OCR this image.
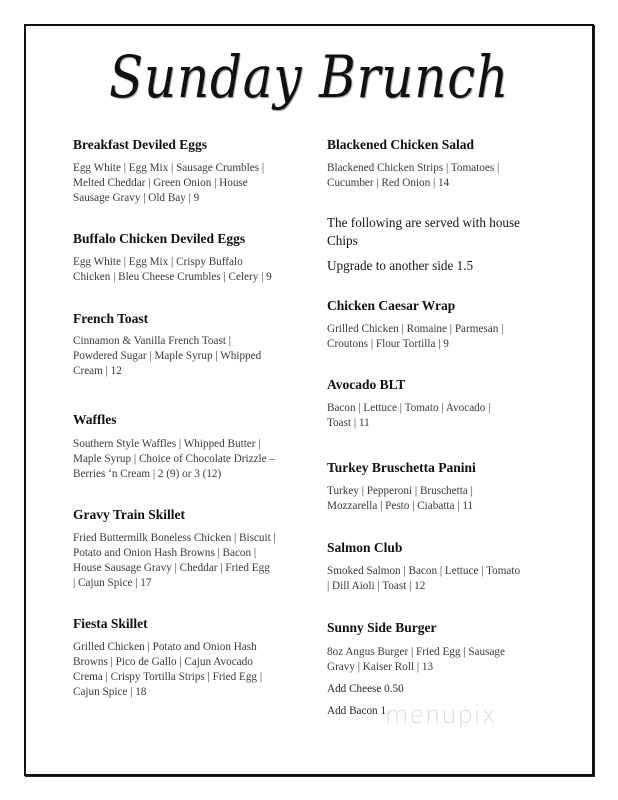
Sunday Brunch
Breakfast Deviled Eggs
Egg White | Egg Mix | Sausage Crumbles |
Melted Cheddar | Green Onion | House
Sausage Gravy | Old Bay | 9
Buffalo Chicken Deviled Eggs
Egg White | Egg Mix | Crispy Buffalo
Chicken | Bleu Cheese Crumbles | Celery | 9
French Toast
Cinnamon & Vanilla French Toast |
Powdered Sugar | Maple Syrup | Whipped
Cream | 12
Waffles
Southern Style Waffles | Whipped Butter |
Maple Syrup | Choice of Chocolate Drizzle –
Berries ‘n Cream | 2 (9) or 3 (12)
Gravy Train Skillet
Fried Buttermilk Boneless Chicken | Biscuit |
Potato and Onion Hash Browns | Bacon |
House Sausage Gravy | Cheddar | Fried Egg
| Cajun Spice | 17
Fiesta Skillet
Grilled Chicken | Potato and Onion Hash
Browns | Pico de Gallo | Cajun Avocado
Crema | Crispy Tortilla Strips | Fried Egg |
Cajun Spice | 18
Blackened Chicken Salad
Blackened Chicken Strips | Tomatoes |
Cucumber | Red Onion | 14
The following are served with house
Chips
Upgrade to another side 1.5
Chicken Caesar Wrap
Grilled Chicken | Romaine | Parmesan |
Croutons | Flour Tortilla | 9
Avocado BLT
Bacon | Lettuce | Tomato | Avocado |
Toast | 11
Turkey Bruschetta Panini
Turkey | Pepperoni | Bruschetta |
Mozzarella | Pesto | Ciabatta | 11
Salmon Club
Smoked Salmon | Bacon | Lettuce | Tomato
| Dill Aioli | Toast | 12
Sunny Side Burger
8oz Angus Burger | Fried Egg | Sausage
Gravy | Kaiser Roll | 13
Add Cheese 0.50
Add Bacon 1
menupix
